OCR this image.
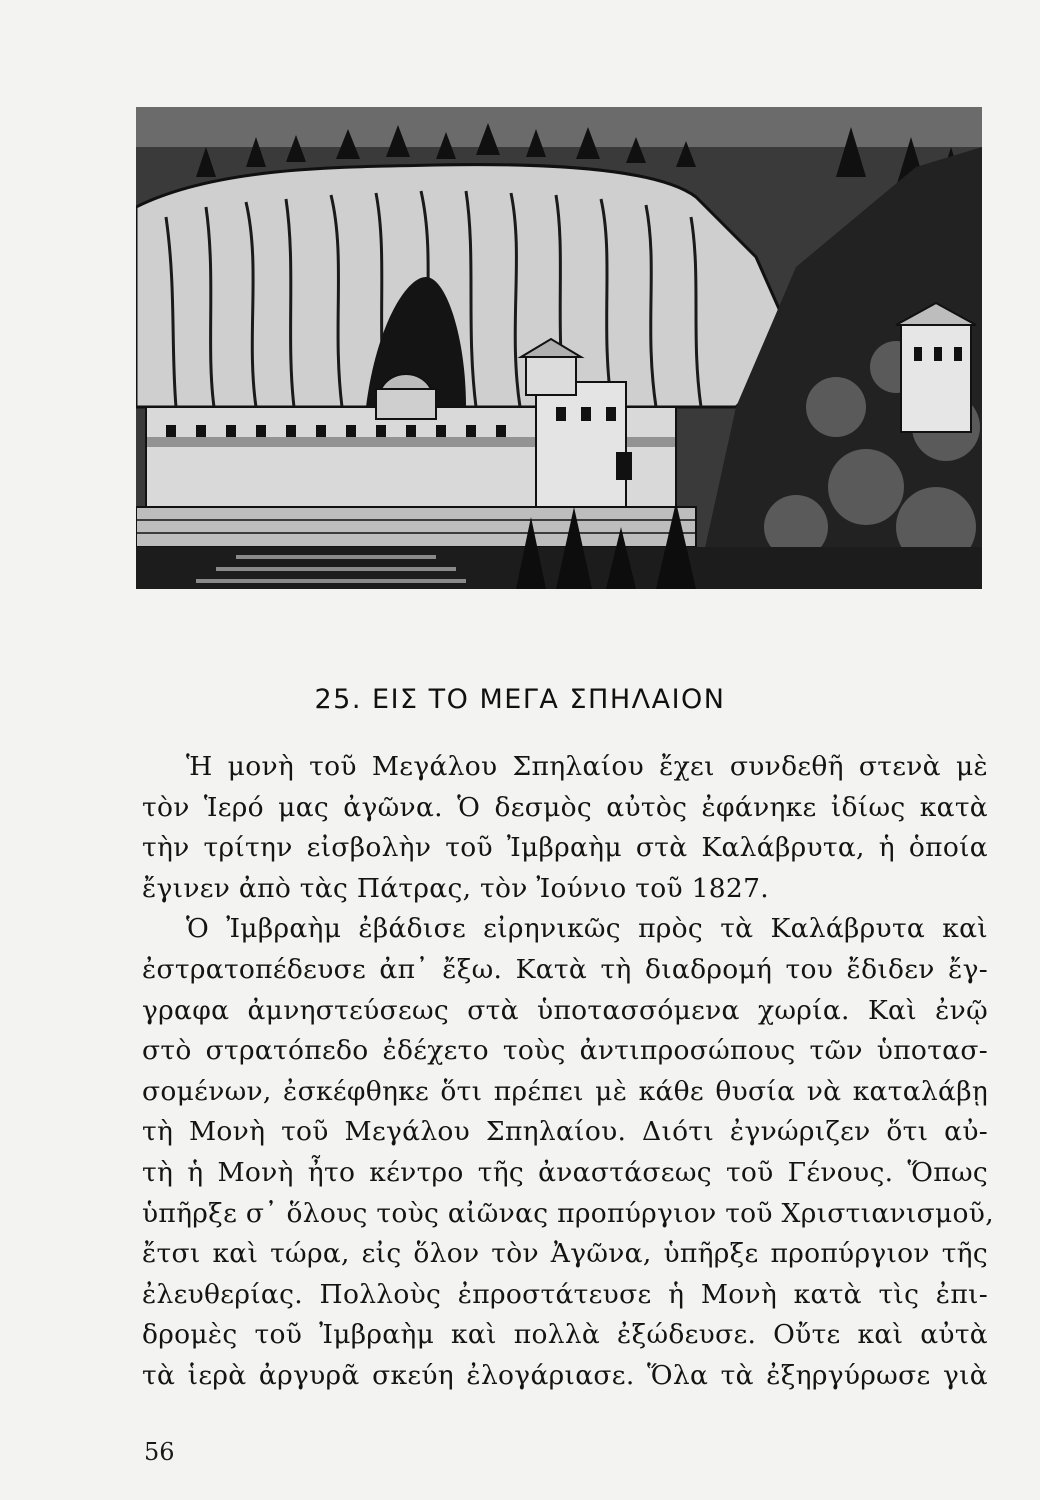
25. ΕΙΣ ΤΟ ΜΕΓΑ ΣΠΗΛΑΙΟΝ
Ἡ μονὴ τοῦ Μεγάλου Σπηλαίου ἔχει συνδεθῆ στενὰ μὲ
τὸν Ἱερό μας ἀγῶνα. Ὁ δεσμὸς αὐτὸς ἐφάνηκε ἰδίως κατὰ
τὴν τρίτην εἰσβολὴν τοῦ Ἰμβραὴμ στὰ Καλάβρυτα, ἡ ὁποία
ἔγινεν ἀπὸ τὰς Πάτρας, τὸν Ἰούνιο τοῦ 1827.
Ὁ Ἰμβραὴμ ἐβάδισε εἰρηνικῶς πρὸς τὰ Καλάβρυτα καὶ
ἐστρατοπέδευσε ἀπ᾽ ἔξω. Κατὰ τὴ διαδρομή του ἔδιδεν ἔγ-
γραφα ἀμνηστεύσεως στὰ ὑποτασσόμενα χωρία. Καὶ ἐνῷ
στὸ στρατόπεδο ἐδέχετο τοὺς ἀντιπροσώπους τῶν ὑποτασ-
σομένων, ἐσκέφθηκε ὅτι πρέπει μὲ κάθε θυσία νὰ καταλάβῃ
τὴ Μονὴ τοῦ Μεγάλου Σπηλαίου. Διότι ἐγνώριζεν ὅτι αὐ-
τὴ ἡ Μονὴ ἦτο κέντρο τῆς ἀναστάσεως τοῦ Γένους. Ὅπως
ὑπῆρξε σ᾽ ὅλους τοὺς αἰῶνας προπύργιον τοῦ Χριστιανισμοῦ,
ἔτσι καὶ τώρα, εἰς ὅλον τὸν Ἀγῶνα, ὑπῆρξε προπύργιον τῆς
ἐλευθερίας. Πολλοὺς ἐπροστάτευσε ἡ Μονὴ κατὰ τὶς ἐπι-
δρομὲς τοῦ Ἰμβραὴμ καὶ πολλὰ ἐξώδευσε. Οὔτε καὶ αὐτὰ
τὰ ἱερὰ ἀργυρᾶ σκεύη ἐλογάριασε. Ὅλα τὰ ἐξηργύρωσε γιὰ
56
